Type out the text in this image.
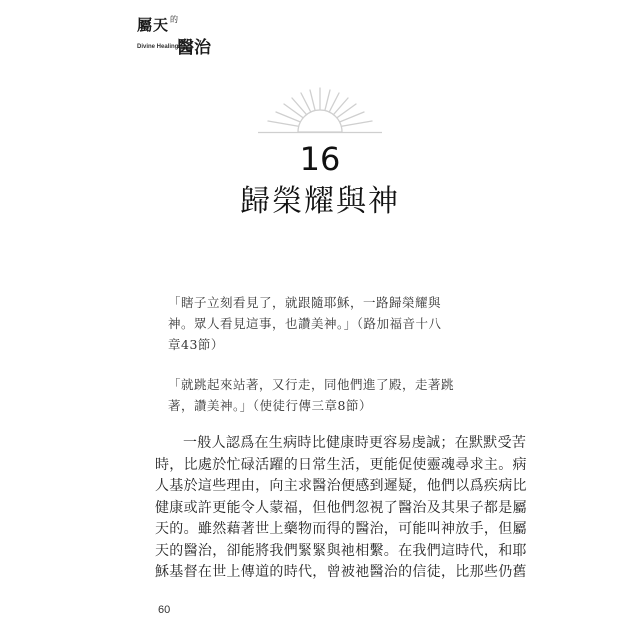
屬天$^的$
Divine Healing
醫治
16
歸榮耀與神
「瞎子立刻看見了，就跟隨耶穌，一路歸榮耀與
神。眾人看見這事，也讚美神。」（路加福音十八
章43節）
「就跳起來站著，又行走，同他們進了殿，走著跳
著，讚美神。」（使徒行傳三章8節）
一般人認爲在生病時比健康時更容易虔誠；在默默受苦
時，比處於忙碌活躍的日常生活，更能促使靈魂尋求主。病
人基於這些理由，向主求醫治便感到遲疑，他們以爲疾病比
健康或許更能令人蒙福，但他們忽視了醫治及其果子都是屬
天的。雖然藉著世上藥物而得的醫治，可能叫神放手，但屬
天的醫治，卻能將我們緊緊與祂相繫。在我們這時代，和耶
穌基督在世上傳道的時代，曾被祂醫治的信徒，比那些仍舊
60
